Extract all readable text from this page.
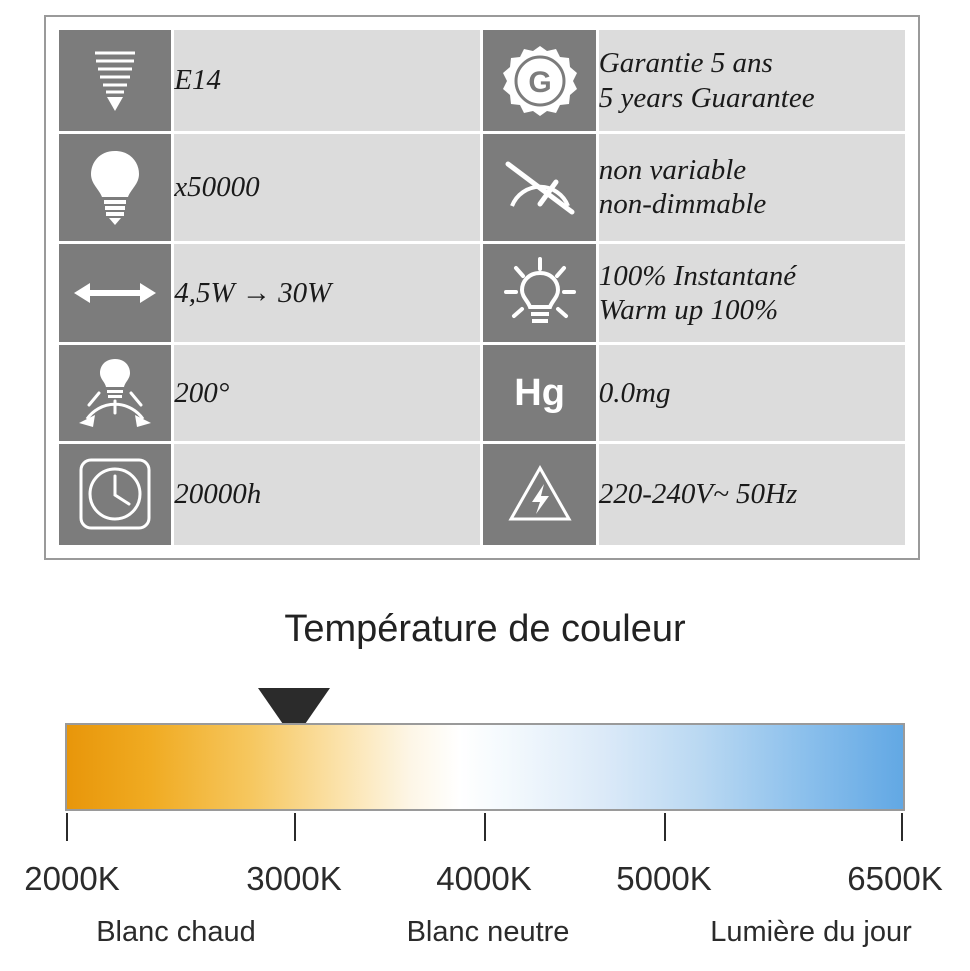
	E14	G	Garantie 5 ans
5 years Guarantee

	x50000		non variable
non-dimmable

	4,5W → 30W		100% Instantané
Warm up 100%

	200°	Hg	0.0mg

	20000h		220-240V~ 50Hz
Température de couleur
2000K	3000K	4000K	5000K	6500K
Blanc chaud	Blanc neutre	Lumière du jour
